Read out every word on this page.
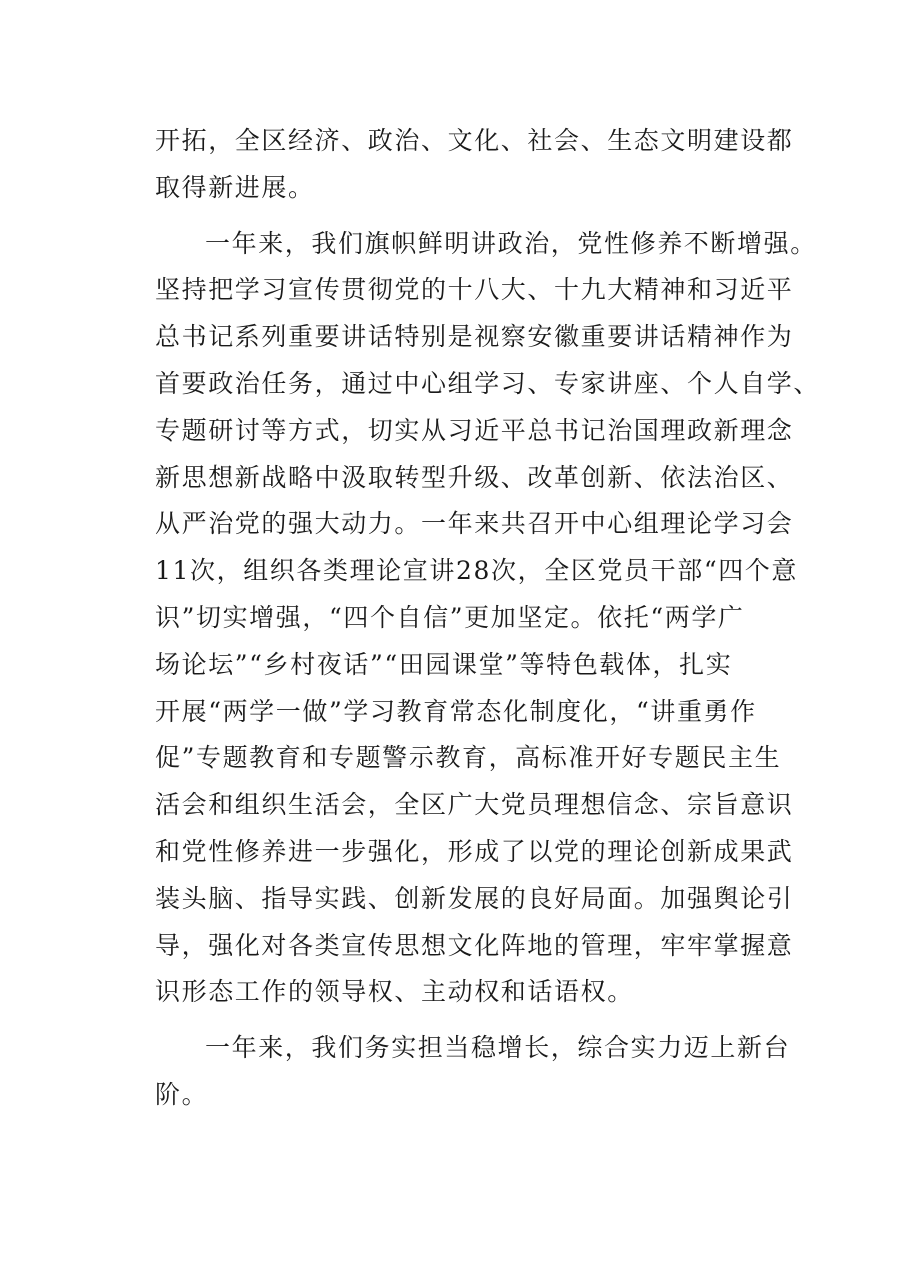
开拓，全区经济、政治、文化、社会、生态文明建设都
取得新进展。
一年来，我们旗帜鲜明讲政治，党性修养不断增强。
坚持把学习宣传贯彻党的十八大、十九大精神和习近平
总书记系列重要讲话特别是视察安徽重要讲话精神作为
首要政治任务，通过中心组学习、专家讲座、个人自学、
专题研讨等方式，切实从习近平总书记治国理政新理念
新思想新战略中汲取转型升级、改革创新、依法治区、
从严治党的强大动力。一年来共召开中心组理论学习会
11次，组织各类理论宣讲28次，全区党员干部“四个意
识”切实增强，“四个自信”更加坚定。依托“两学广
场论坛”“乡村夜话”“田园课堂”等特色载体，扎实
开展“两学一做”学习教育常态化制度化，“讲重勇作
促”专题教育和专题警示教育，高标准开好专题民主生
活会和组织生活会，全区广大党员理想信念、宗旨意识
和党性修养进一步强化，形成了以党的理论创新成果武
装头脑、指导实践、创新发展的良好局面。加强舆论引
导，强化对各类宣传思想文化阵地的管理，牢牢掌握意
识形态工作的领导权、主动权和话语权。
一年来，我们务实担当稳增长，综合实力迈上新台
阶。
